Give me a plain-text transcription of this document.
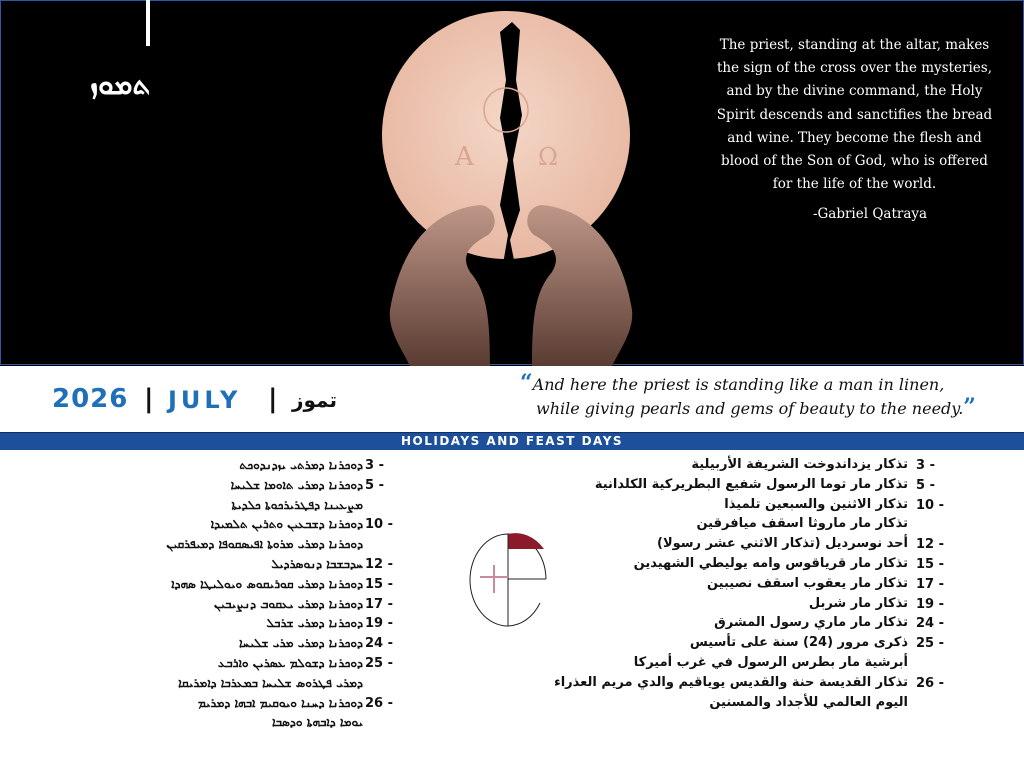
ܬܡܘܙ
A	Ω
The priest, standing at the altar, makes
the sign of the cross over the mysteries,
and by the divine command, the Holy
Spirit descends and sanctifies the bread
and wine. They become the flesh and
blood of the Son of God, who is offered
for the life of the world.
-Gabriel Qatraya
2026 | JULY | تموز
“And here the priest is standing like a man in linen,
while giving pearls and gems of beauty to the needy.”
HOLIDAYS AND FEAST DAYS
3 -
ܕܘܟܪܢܐ ܕܡܪܬܝ ܝܙܕܢܕܘܟܬ
5 -
ܕܘܟܪܢܐ ܕܡܪܝ ܬܐܘܡܐ ܫܠܝܚܐ
ܡܨܥܝܢܐ ܕܦܛܪܝܪܟܘܬܐ ܟܠܕܝܬܐ
10 -
ܕܘܟܪܢܐ ܕܫܒܥܝܢ ܘܬܪܝܢ ܬܠܡܝܕܐ
ܕܘܟܪܢܐ ܕܡܪܝ ܡܪܘܬܐ ܐܦܝܣܩܘܦܐ ܕܡܝܦܪܩܝܢ
12 -
ܚܕܒܫܒܐ ܕܢܘܣܪܕܝܠ
15 -
ܕܘܟܪܢܐ ܕܡܪܝ ܩܘܪܝܩܘܣ ܘܝܘܠܝܛܐ ܣܗܕܐ
17 -
ܕܘܟܪܢܐ ܕܡܪܝ ܝܥܩܘܒ ܕܢܨܝܒܝܢ
19 -
ܕܘܟܪܢܐ ܕܡܪܝ ܫܪܒܠ
24 -
ܕܘܟܪܢܐ ܕܡܪܝ ܡܪܝ ܫܠܝܚܐ
25 -
ܕܘܟܪܢܐ ܕܫܘܠܡ ܥܣܪܝܢ ܘܐܪܒܥ
ܕܡܪܝ ܦܛܪܘܣ ܫܠܝܚܐ ܒܡܥܪܒܐ ܕܐܡܪܝܩܐ
26 -
ܕܘܟܪܢܐ ܕܚܢܐ ܘܝܘܩܝܡ ܐܒܗܐ ܕܡܪܝܡ
ܝܘܡܐ ܕܐܒܗܬܐ ܘܕܣܒܐ
3 -
تذكار يزداندوخت الشريفة الأربيلية
5 -
تذكار مار توما الرسول شفيع البطريركية الكلدانية
10 -
تذكار الاثنين والسبعين تلميذا
تذكار مار ماروثا اسقف ميافرقين
12 -
أحد نوسرديل (تذكار الاثني عشر رسولا)
15 -
تذكار مار قرياقوس وامه يوليطي الشهيدين
17 -
تذكار مار يعقوب اسقف نصيبين
19 -
تذكار مار شربل
24 -
تذكار مار ماري رسول المشرق
25 -
ذكرى مرور (24) سنة على تأسيس
أبرشية مار بطرس الرسول في غرب أميركا
26 -
تذكار القديسة حنة والقديس يوياقيم والدي مريم العذراء
اليوم العالمي للأجداد والمسنين
